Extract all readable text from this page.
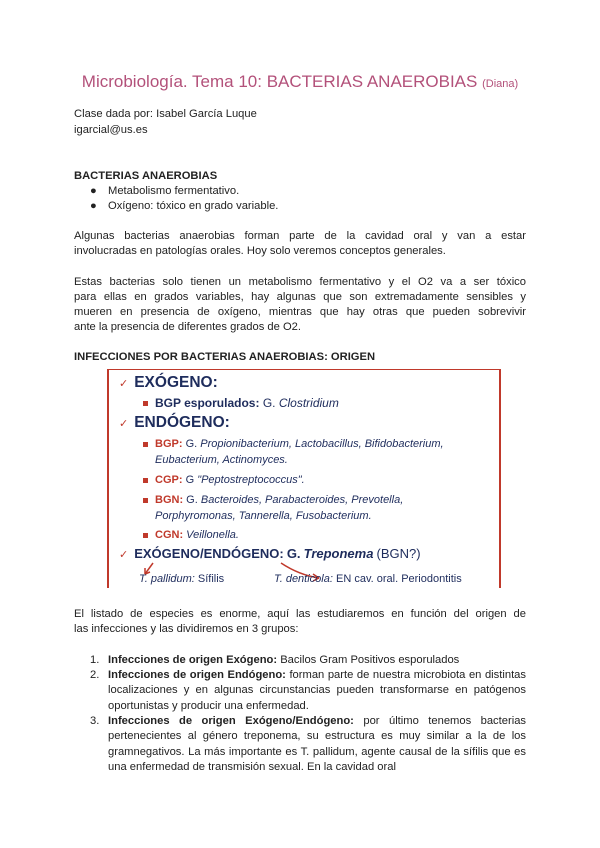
Microbiología. Tema 10: BACTERIAS ANAEROBIAS (Diana)
Clase dada por: Isabel García Luque
igarcial@us.es
BACTERIAS ANAEROBIAS
● Metabolismo fermentativo.
● Oxígeno: tóxico en grado variable.
Algunas bacterias anaerobias forman parte de la cavidad oral y van a estar
involucradas en patologías orales. Hoy solo veremos conceptos generales.
Estas bacterias solo tienen un metabolismo fermentativo y el O2 va a ser tóxico
para ellas en grados variables, hay algunas que son extremadamente sensibles y
mueren en presencia de oxígeno, mientras que hay otras que pueden sobrevivir
ante la presencia de diferentes grados de O2.
INFECCIONES POR BACTERIAS ANAEROBIAS: ORIGEN
✓ EXÓGENO:
BGP esporulados: G. Clostridium
✓ ENDÓGENO:
BGP: G. Propionibacterium, Lactobacillus, Bifidobacterium,
Eubacterium, Actinomyces.
CGP: G "Peptostreptococcus".
BGN: G. Bacteroides, Parabacteroides, Prevotella,
Porphyromonas, Tannerella, Fusobacterium.
CGN: Veillonella.
✓ EXÓGENO/ENDÓGENO: G. Treponema (BGN?)
T. pallidum: Sífilis	T. denticola: EN cav. oral. Periodontitis
El listado de especies es enorme, aquí las estudiaremos en función del origen de
las infecciones y las dividiremos en 3 grupos:
1. Infecciones de origen Exógeno: Bacilos Gram Positivos esporulados
2. Infecciones de origen Endógeno: forman parte de nuestra microbiota en distintas localizaciones y en algunas circunstancias pueden transformarse en patógenos oportunistas y producir una enfermedad.
3. Infecciones de origen Exógeno/Endógeno: por último tenemos bacterias pertenecientes al género treponema, su estructura es muy similar a la de los gramnegativos. La más importante es T. pallidum, agente causal de la sífilis que es una enfermedad de transmisión sexual. En la cavidad oral
